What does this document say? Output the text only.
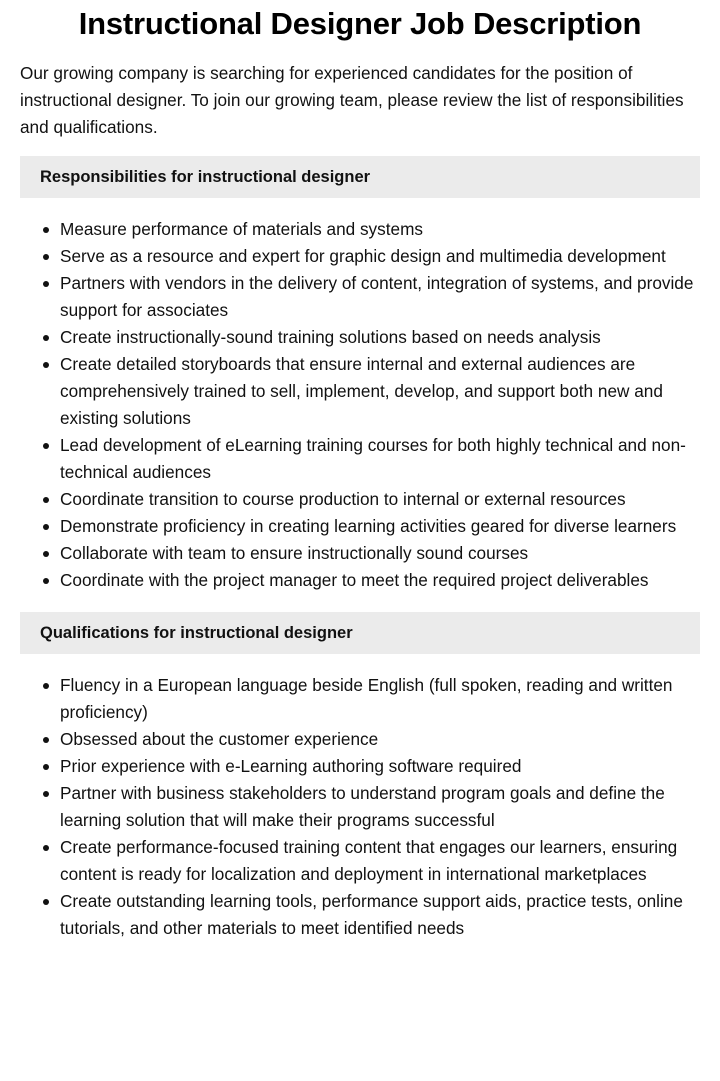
Instructional Designer Job Description

Our growing company is searching for experienced candidates for the position of instructional designer. To join our growing team, please review the list of responsibilities and qualifications.

Responsibilities for instructional designer
Measure performance of materials and systems
Serve as a resource and expert for graphic design and multimedia development
Partners with vendors in the delivery of content, integration of systems, and provide support for associates
Create instructionally-sound training solutions based on needs analysis
Create detailed storyboards that ensure internal and external audiences are comprehensively trained to sell, implement, develop, and support both new and existing solutions
Lead development of eLearning training courses for both highly technical and non-technical audiences
Coordinate transition to course production to internal or external resources
Demonstrate proficiency in creating learning activities geared for diverse learners
Collaborate with team to ensure instructionally sound courses
Coordinate with the project manager to meet the required project deliverables
Qualifications for instructional designer
Fluency in a European language beside English (full spoken, reading and written proficiency)
Obsessed about the customer experience
Prior experience with e-Learning authoring software required
Partner with business stakeholders to understand program goals and define the learning solution that will make their programs successful
Create performance-focused training content that engages our learners, ensuring content is ready for localization and deployment in international marketplaces
Create outstanding learning tools, performance support aids, practice tests, online tutorials, and other materials to meet identified needs
